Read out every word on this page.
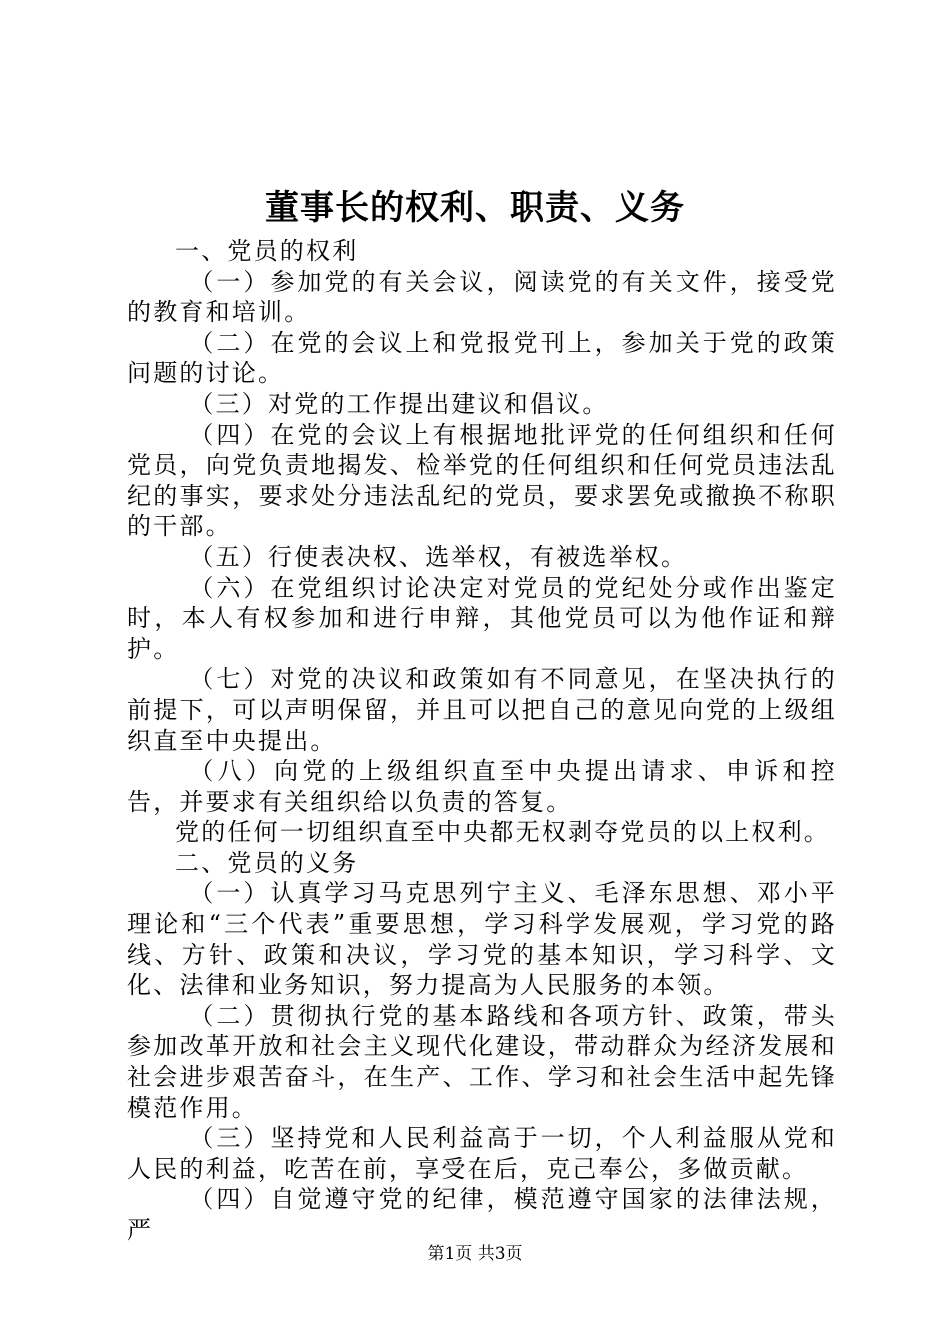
董事长的权利、职责、义务

一、党员的权利

（一）参加党的有关会议，阅读党的有关文件，接受党的教育和培训。

（二）在党的会议上和党报党刊上，参加关于党的政策问题的讨论。

（三）对党的工作提出建议和倡议。

（四）在党的会议上有根据地批评党的任何组织和任何党员，向党负责地揭发、检举党的任何组织和任何党员违法乱纪的事实，要求处分违法乱纪的党员，要求罢免或撤换不称职的干部。

（五）行使表决权、选举权，有被选举权。

（六）在党组织讨论决定对党员的党纪处分或作出鉴定时，本人有权参加和进行申辩，其他党员可以为他作证和辩护。

（七）对党的决议和政策如有不同意见，在坚决执行的前提下，可以声明保留，并且可以把自己的意见向党的上级组织直至中央提出。

（八）向党的上级组织直至中央提出请求、申诉和控告，并要求有关组织给以负责的答复。

党的任何一切组织直至中央都无权剥夺党员的以上权利。

二、党员的义务

（一）认真学习马克思列宁主义、毛泽东思想、邓小平理论和“三个代表”重要思想，学习科学发展观，学习党的路线、方针、政策和决议，学习党的基本知识，学习科学、文化、法律和业务知识，努力提高为人民服务的本领。

（二）贯彻执行党的基本路线和各项方针、政策，带头参加改革开放和社会主义现代化建设，带动群众为经济发展和社会进步艰苦奋斗，在生产、工作、学习和社会生活中起先锋模范作用。

（三）坚持党和人民利益高于一切，个人利益服从党和人民的利益，吃苦在前，享受在后，克己奉公，多做贡献。

（四）自觉遵守党的纪律，模范遵守国家的法律法规，严

第1页 共3页
